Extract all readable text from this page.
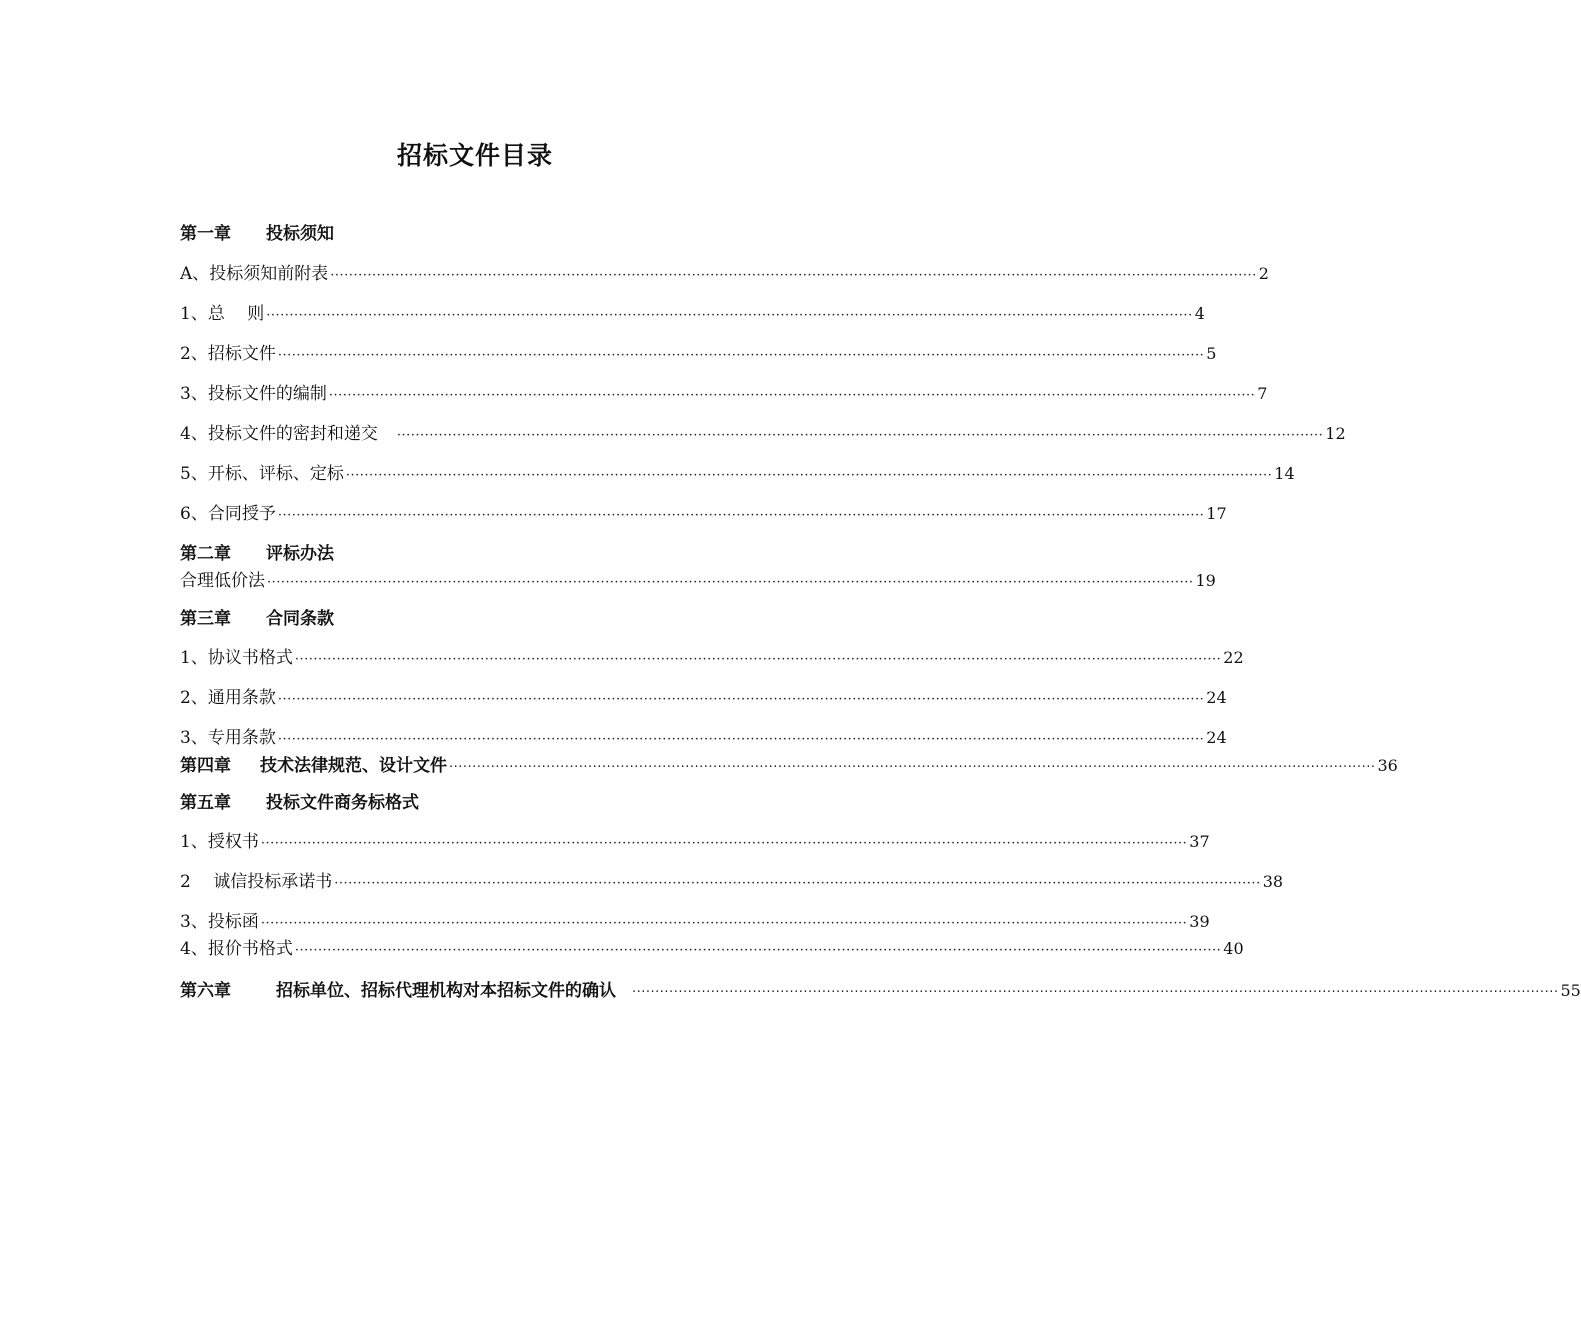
招标文件目录
第一章	投标须知
A、投标须知前附表 ········································································································································································································ 2
1、总　 则 ········································································································································································································ 4
2、招标文件 ········································································································································································································ 5
3、投标文件的编制 ········································································································································································································ 7
4、投标文件的密封和递交　 ········································································································································································································ 12
5、开标、评标、定标 ········································································································································································································ 14
6、合同授予 ········································································································································································································ 17
第二章	评标办法
合理低价法 ········································································································································································································ 19
第三章	合同条款
1、协议书格式 ········································································································································································································ 22
2、通用条款 ········································································································································································································ 24
3、专用条款 ········································································································································································································ 24
第四章 技术法律规范、设计文件 ········································································································································································································ 36
第五章	投标文件商务标格式
1、授权书 ········································································································································································································ 37
2　 诚信投标承诺书 ········································································································································································································ 38
3、投标函 ········································································································································································································ 39
4、报价书格式 ········································································································································································································ 40
第六章	招标单位、招标代理机构对本招标文件的确认 ········································································································································································································ 55
